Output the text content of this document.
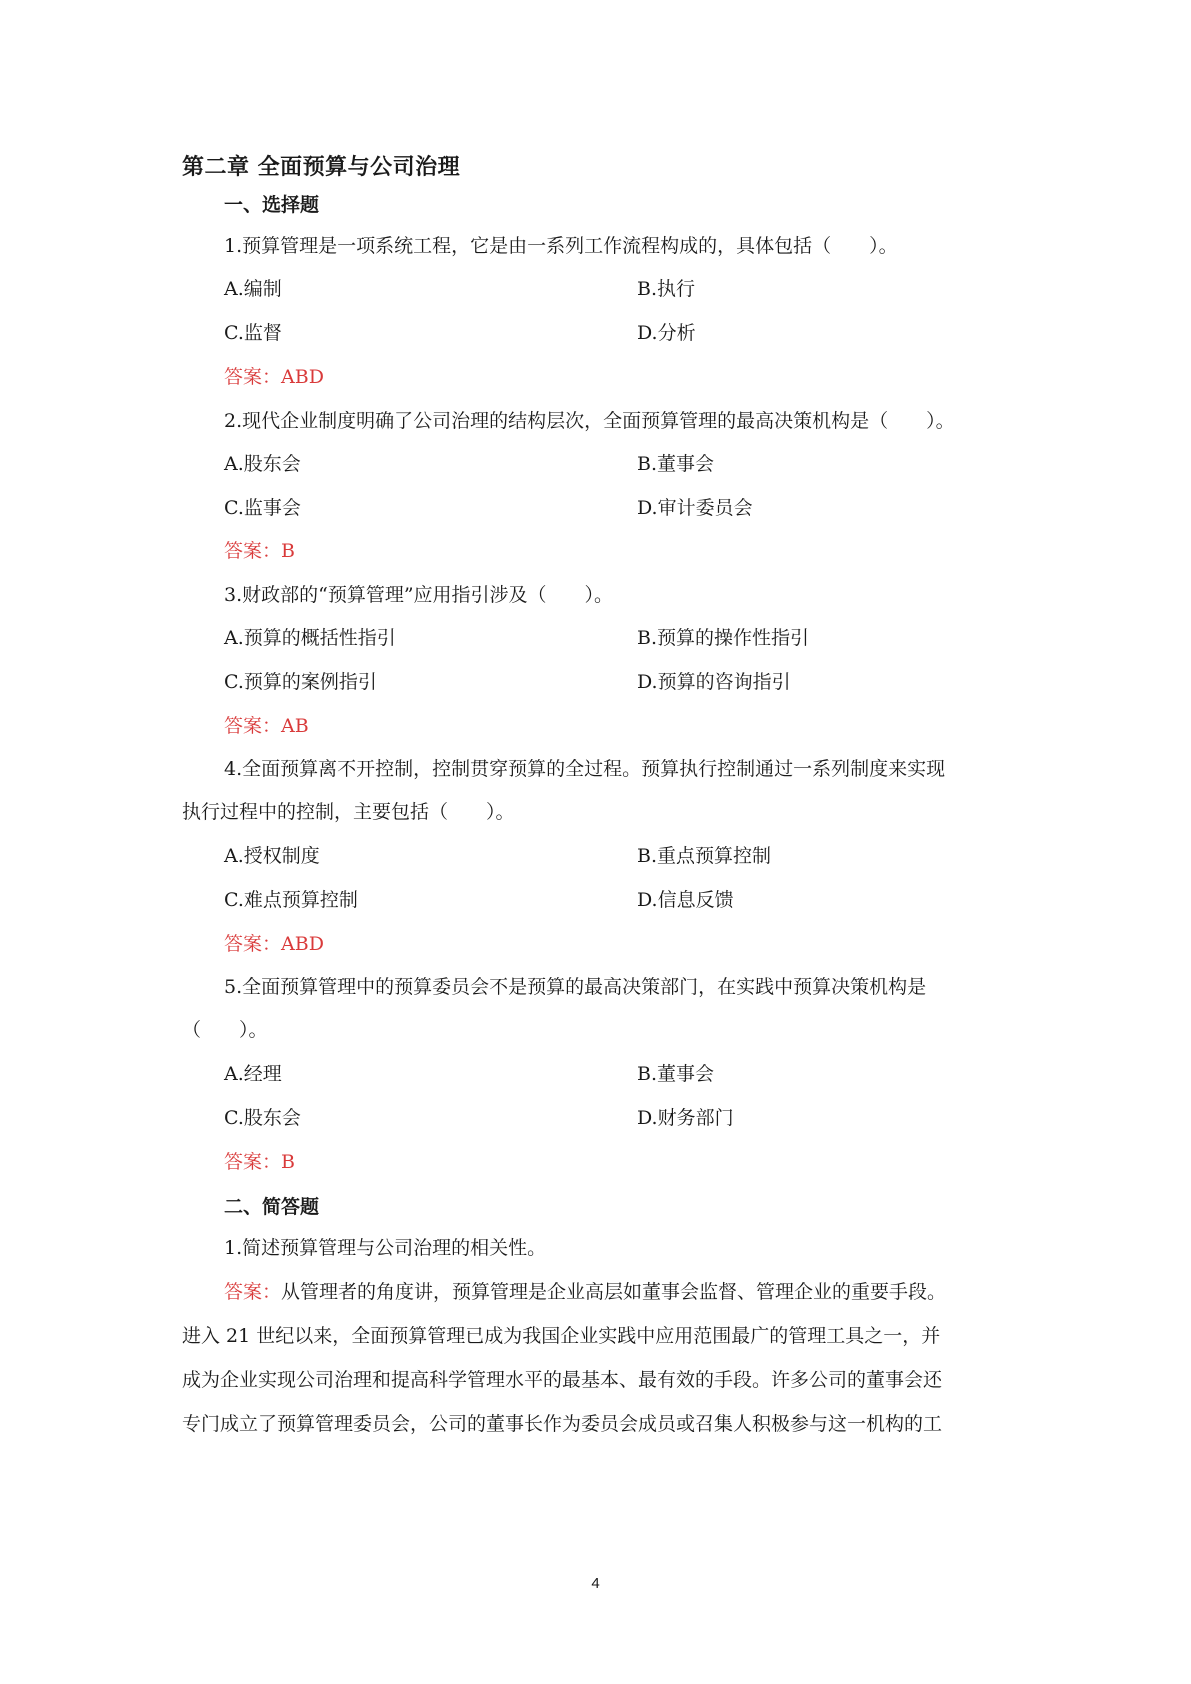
第二章 全面预算与公司治理
一、选择题
1.预算管理是一项系统工程，它是由一系列工作流程构成的，具体包括（　　）。
A.编制	B.执行
C.监督	D.分析
答案：ABD
2.现代企业制度明确了公司治理的结构层次，全面预算管理的最高决策机构是（　　）。
A.股东会	B.董事会
C.监事会	D.审计委员会
答案：B
3.财政部的“预算管理”应用指引涉及（　　）。
A.预算的概括性指引	B.预算的操作性指引
C.预算的案例指引	D.预算的咨询指引
答案：AB
4.全面预算离不开控制，控制贯穿预算的全过程。预算执行控制通过一系列制度来实现
执行过程中的控制，主要包括（　　）。
A.授权制度	B.重点预算控制
C.难点预算控制	D.信息反馈
答案：ABD
5.全面预算管理中的预算委员会不是预算的最高决策部门，在实践中预算决策机构是
（　　）。
A.经理	B.董事会
C.股东会	D.财务部门
答案：B
二、简答题
1.简述预算管理与公司治理的相关性。
答案：从管理者的角度讲，预算管理是企业高层如董事会监督、管理企业的重要手段。
进入 21 世纪以来，全面预算管理已成为我国企业实践中应用范围最广的管理工具之一，并
成为企业实现公司治理和提高科学管理水平的最基本、最有效的手段。许多公司的董事会还
专门成立了预算管理委员会，公司的董事长作为委员会成员或召集人积极参与这一机构的工
4
